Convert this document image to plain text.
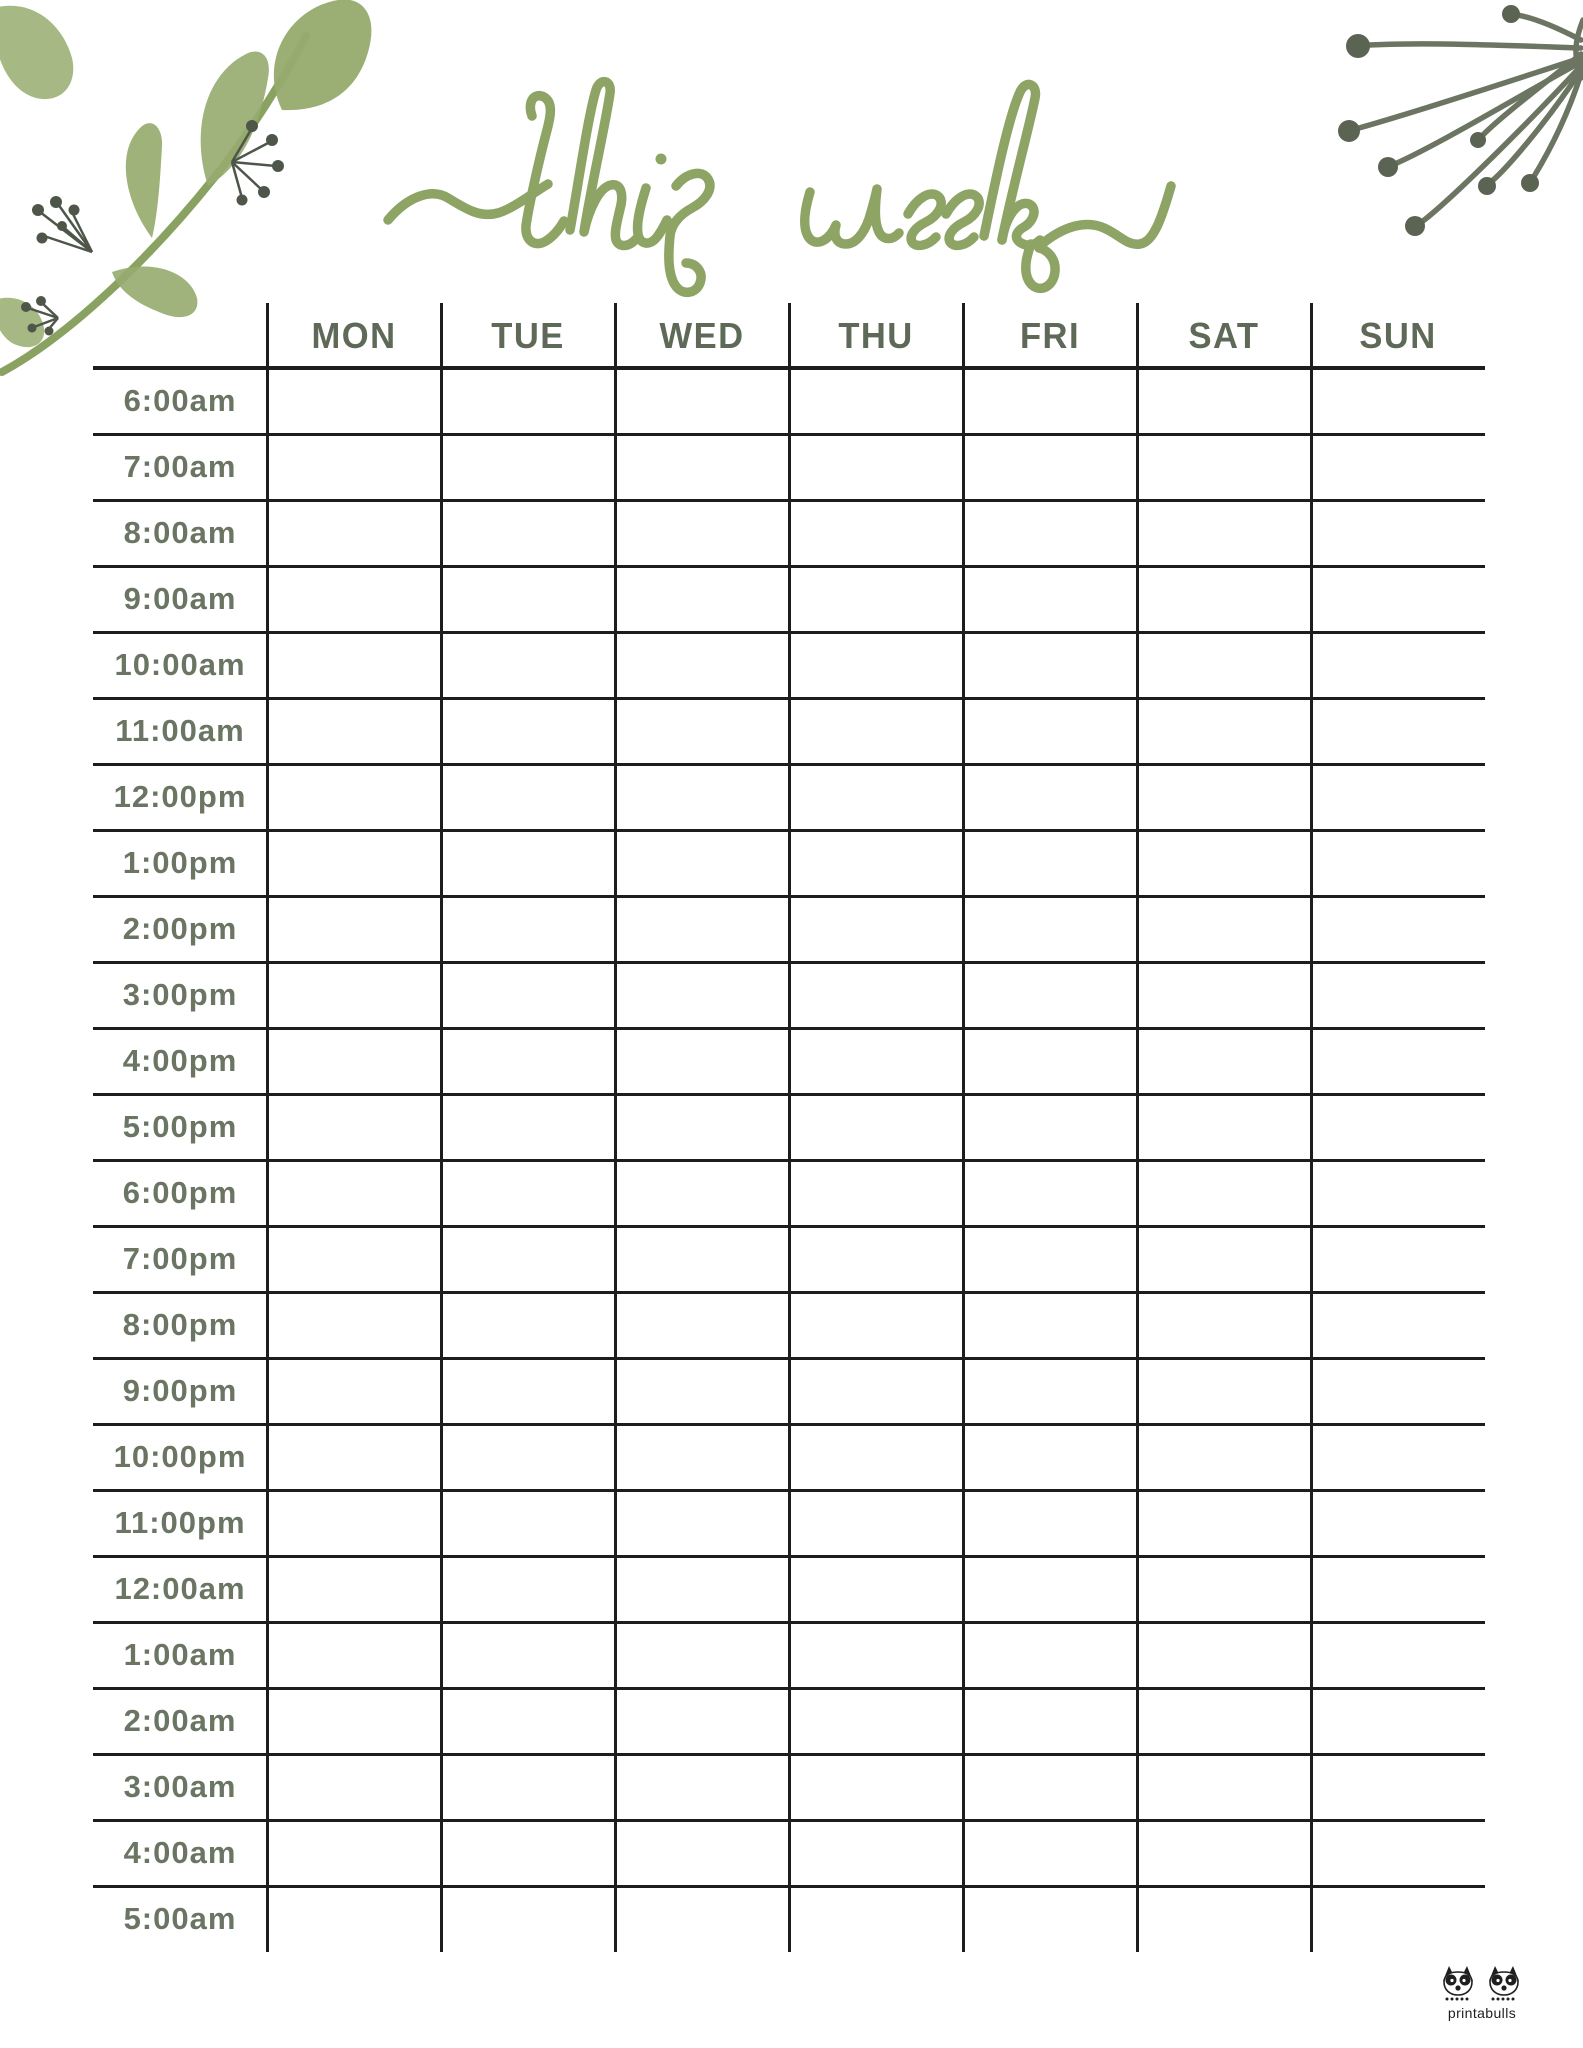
MON	TUE	WED	THU	FRI	SAT	SUN
6:00am
7:00am
8:00am
9:00am
10:00am
11:00am
12:00pm
1:00pm
2:00pm
3:00pm
4:00pm
5:00pm
6:00pm
7:00pm
8:00pm
9:00pm
10:00pm
11:00pm
12:00am
1:00am
2:00am
3:00am
4:00am
5:00am
printabulls
